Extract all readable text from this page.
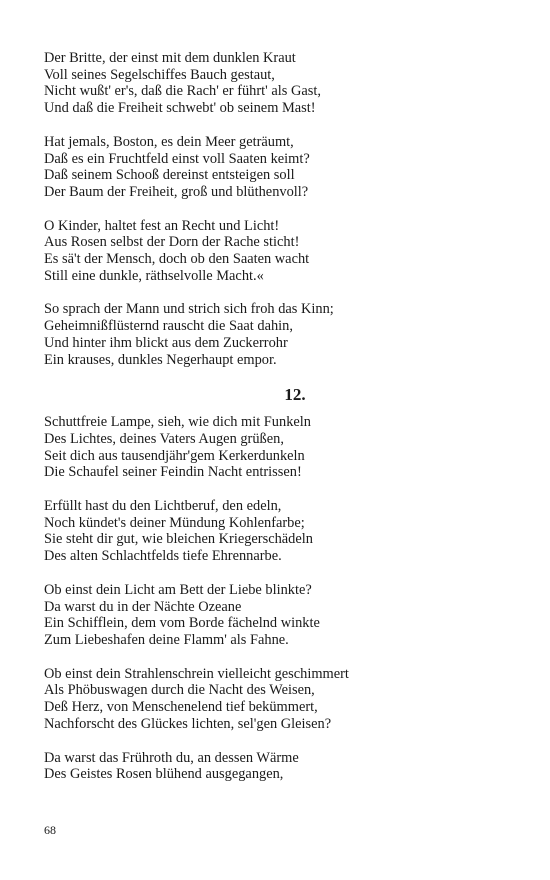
Der Britte, der einst mit dem dunklen Kraut
Voll seines Segelschiffes Bauch gestaut,
Nicht wußt' er's, daß die Rach' er führt' als Gast,
Und daß die Freiheit schwebt' ob seinem Mast!
Hat jemals, Boston, es dein Meer geträumt,
Daß es ein Fruchtfeld einst voll Saaten keimt?
Daß seinem Schooß dereinst entsteigen soll
Der Baum der Freiheit, groß und blüthenvoll?
O Kinder, haltet fest an Recht und Licht!
Aus Rosen selbst der Dorn der Rache sticht!
Es sä't der Mensch, doch ob den Saaten wacht
Still eine dunkle, räthselvolle Macht.«
So sprach der Mann und strich sich froh das Kinn;
Geheimnißflüsternd rauscht die Saat dahin,
Und hinter ihm blickt aus dem Zuckerrohr
Ein krauses, dunkles Negerhaupt empor.
12.
Schuttfreie Lampe, sieh, wie dich mit Funkeln
Des Lichtes, deines Vaters Augen grüßen,
Seit dich aus tausendjähr'gem Kerkerdunkeln
Die Schaufel seiner Feindin Nacht entrissen!
Erfüllt hast du den Lichtberuf, den edeln,
Noch kündet's deiner Mündung Kohlenfarbe;
Sie steht dir gut, wie bleichen Kriegerschädeln
Des alten Schlachtfelds tiefe Ehrennarbe.
Ob einst dein Licht am Bett der Liebe blinkte?
Da warst du in der Nächte Ozeane
Ein Schifflein, dem vom Borde fächelnd winkte
Zum Liebeshafen deine Flamm' als Fahne.
Ob einst dein Strahlenschrein vielleicht geschimmert
Als Phöbuswagen durch die Nacht des Weisen,
Deß Herz, von Menschenelend tief bekümmert,
Nachforscht des Glückes lichten, sel'gen Gleisen?
Da warst das Frühroth du, an dessen Wärme
Des Geistes Rosen blühend ausgegangen,
68
